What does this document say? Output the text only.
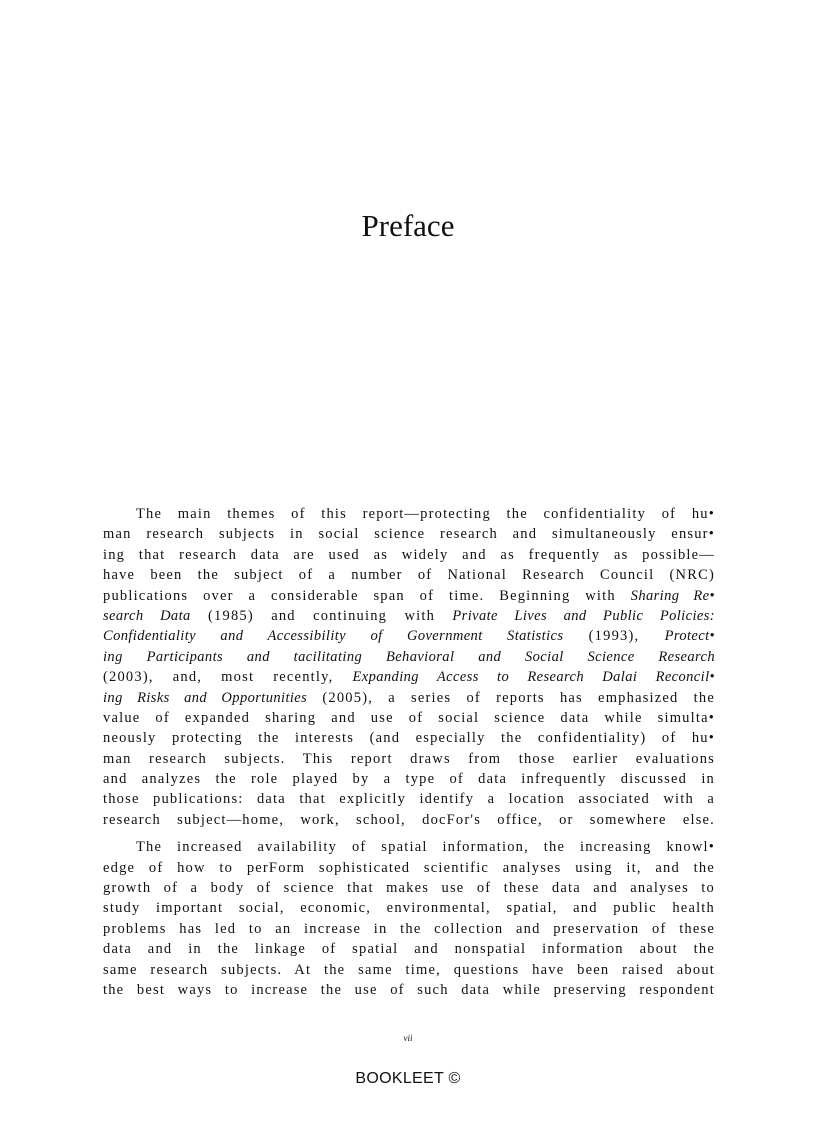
Preface
The main themes of this report—protecting the confidentiality of hu•
man research subjects in social science research and simultaneously ensur•
ing that research data are used as widely and as frequently as possible—
have been the subject of a number of National Research Council (NRC)
publications over a considerable span of time. Beginning with Sharing Re•
search Data (1985) and continuing with Private Lives and Public Policies:
Confidentiality and Accessibility of Government Statistics (1993), Protect•
ing Participants and tacilitating Behavioral and Social Science Research
(2003), and, most recently, Expanding Access to Research Dalai Reconcil•
ing Risks and Opportunities (2005), a series of reports has emphasized the
value of expanded sharing and use of social science data while simulta•
neously protecting the interests (and especially the confidentiality) of hu•
man research subjects. This report draws from those earlier evaluations
and analyzes the role played by a type of data infrequently discussed in
those publications: data that explicitly identify a location associated with a
research subject—home, work, school, docFor's office, or somewhere else.
The increased availability of spatial information, the increasing knowl•
edge of how to perForm sophisticated scientific analyses using it, and the
growth of a body of science that makes use of these data and analyses to
study important social, economic, environmental, spatial, and public health
problems has led to an increase in the collection and preservation of these
data and in the linkage of spatial and nonspatial information about the
same research subjects. At the same time, questions have been raised about
the best ways to increase the use of such data while preserving respondent
vii
BOOKLEET ©
